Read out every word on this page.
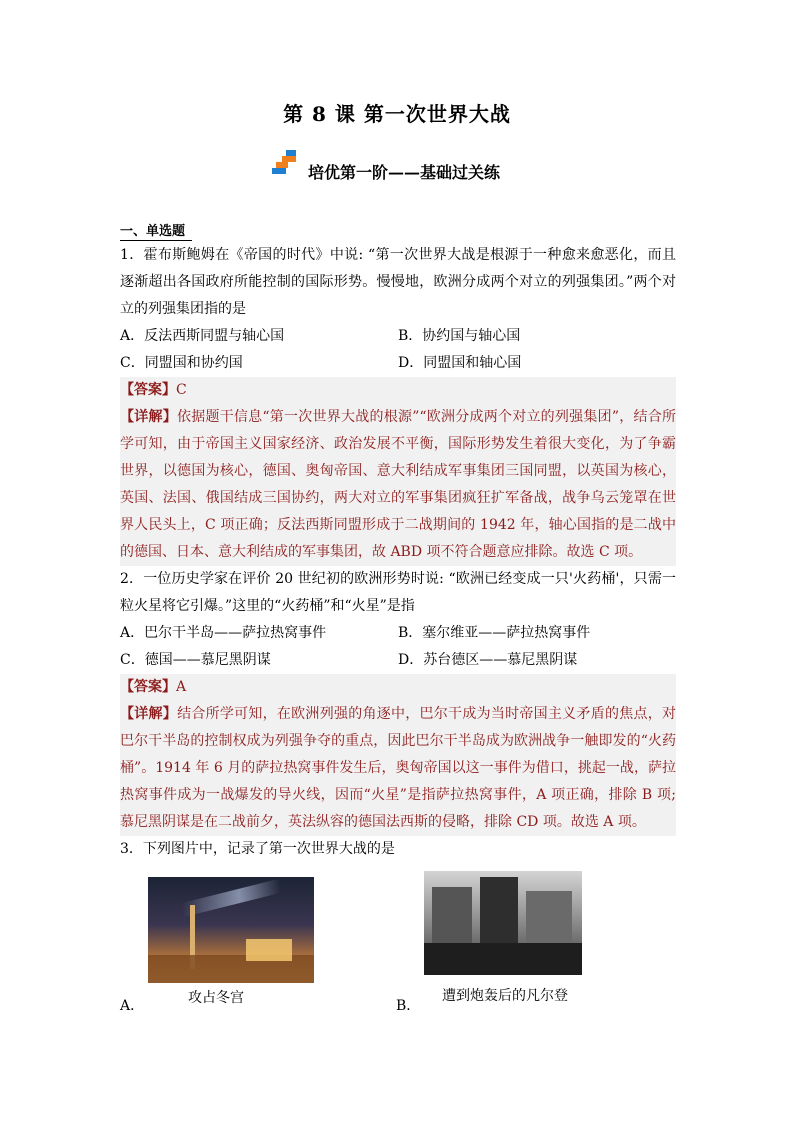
第 8 课 第一次世界大战
培优第一阶——基础过关练
一、单选题

1．霍布斯鲍姆在《帝国的时代》中说: “第一次世界大战是根源于一种愈来愈恶化，而且逐渐超出各国政府所能控制的国际形势。慢慢地，欧洲分成两个对立的列强集团。”两个对立的列强集团指的是

A．反法西斯同盟与轴心国	B．协约国与轴心国
C．同盟国和协约国	D．同盟国和轴心国

【答案】C

【详解】依据题干信息“第一次世界大战的根源”“欧洲分成两个对立的列强集团”，结合所学可知，由于帝国主义国家经济、政治发展不平衡，国际形势发生着很大变化，为了争霸世界，以德国为核心，德国、奥匈帝国、意大利结成军事集团三国同盟，以英国为核心，英国、法国、俄国结成三国协约，两大对立的军事集团疯狂扩军备战，战争乌云笼罩在世界人民头上，C 项正确；反法西斯同盟形成于二战期间的 1942 年，轴心国指的是二战中的德国、日本、意大利结成的军事集团，故 ABD 项不符合题意应排除。故选 C 项。

2．一位历史学家在评价 20 世纪初的欧洲形势时说: “欧洲已经变成一只'火药桶'，只需一粒火星将它引爆。”这里的“火药桶”和“火星”是指

A．巴尔干半岛——萨拉热窝事件	B．塞尔维亚——萨拉热窝事件
C．德国——慕尼黑阴谋	D．苏台德区——慕尼黑阴谋

【答案】A

【详解】结合所学可知，在欧洲列强的角逐中，巴尔干成为当时帝国主义矛盾的焦点，对巴尔干半岛的控制权成为列强争夺的重点，因此巴尔干半岛成为欧洲战争一触即发的“火药桶”。1914 年 6 月的萨拉热窝事件发生后，奥匈帝国以这一事件为借口，挑起一战，萨拉热窝事件成为一战爆发的导火线，因而“火星”是指萨拉热窝事件，A 项正确，排除 B 项; 慕尼黑阴谋是在二战前夕，英法纵容的德国法西斯的侵略，排除 CD 项。故选 A 项。

3．下列图片中，记录了第一次世界大战的是

A．	攻占冬宫	B．
遭到炮轰后的凡尔登
